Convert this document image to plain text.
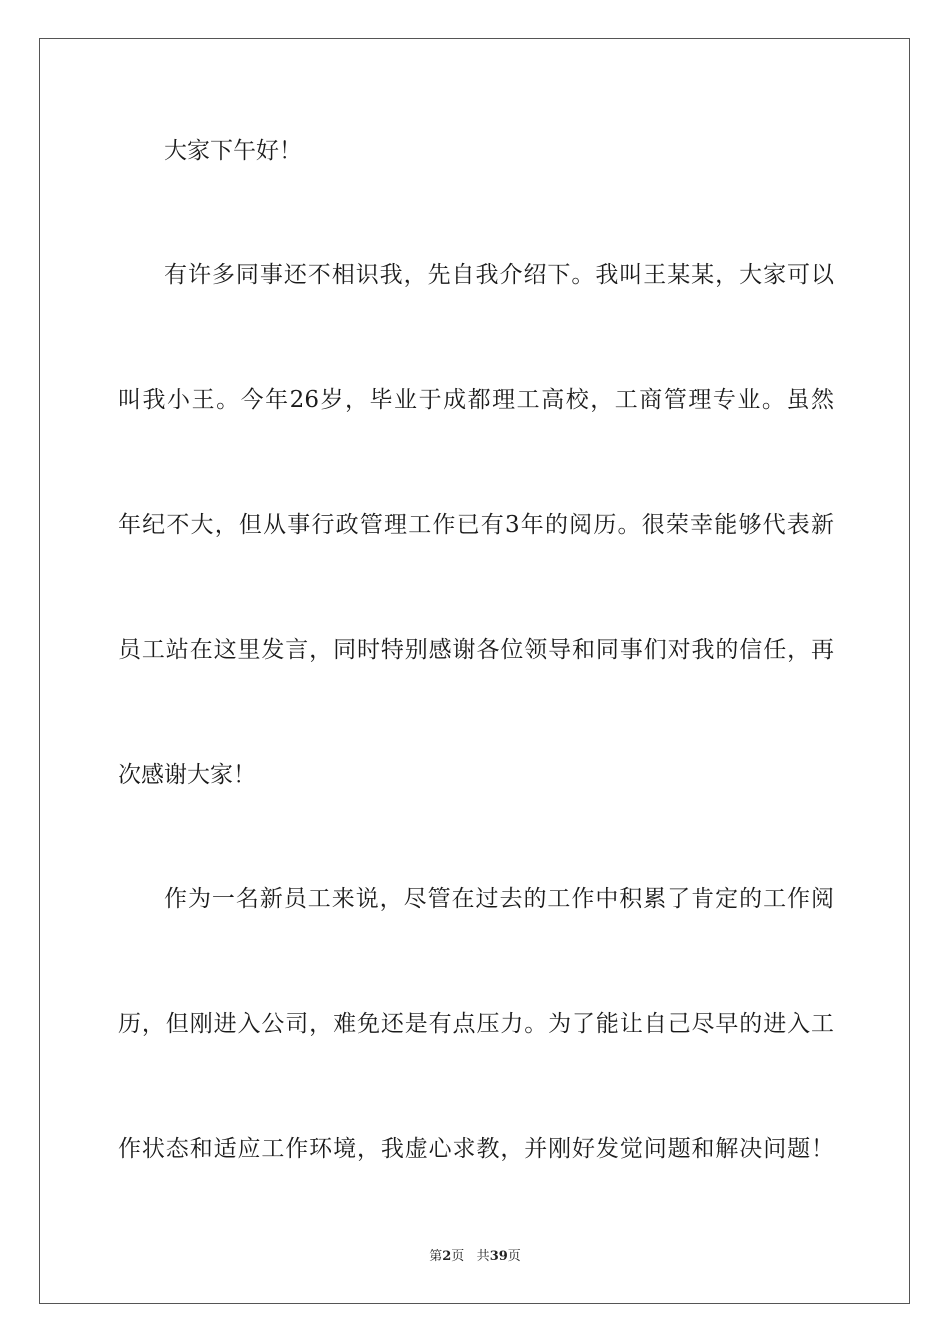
大家下午好！
有许多同事还不相识我，先自我介绍下。我叫王某某，大家可以
叫我小王。今年26岁，毕业于成都理工高校，工商管理专业。虽然
年纪不大，但从事行政管理工作已有3年的阅历。很荣幸能够代表新
员工站在这里发言，同时特别感谢各位领导和同事们对我的信任，再
次感谢大家！
作为一名新员工来说，尽管在过去的工作中积累了肯定的工作阅
历，但刚进入公司，难免还是有点压力。为了能让自己尽早的进入工
作状态和适应工作环境，我虚心求教，并刚好发觉问题和解决问题！
第2页 共39页
